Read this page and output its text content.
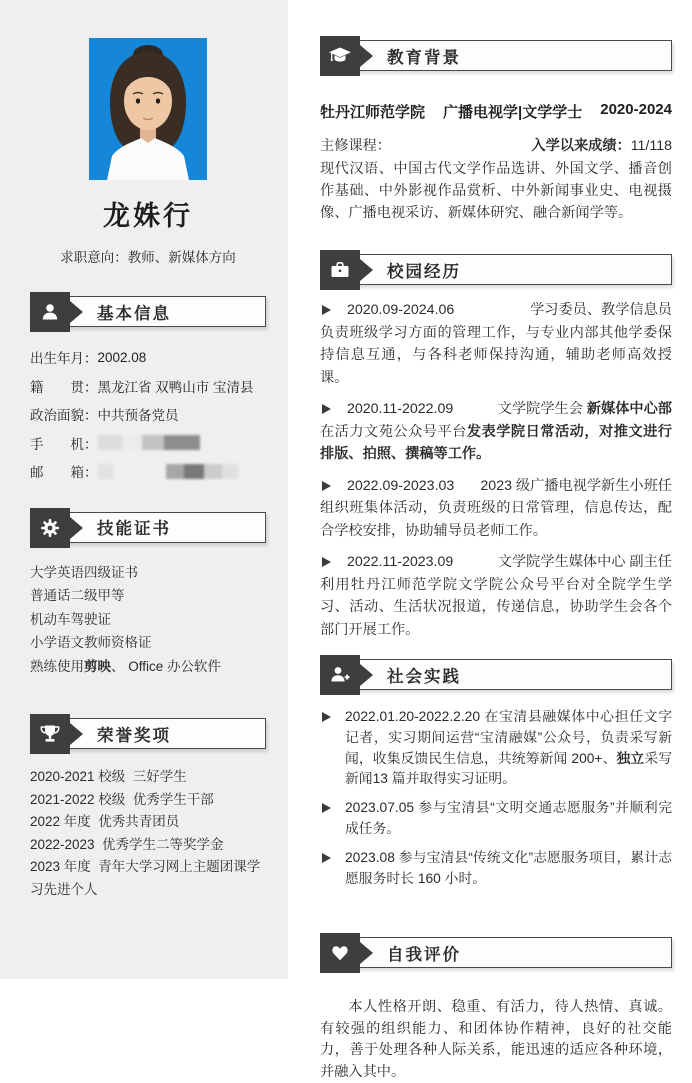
龙姝行
求职意向：教师、新媒体方向
基本信息
出生年月： 2002.08
籍　　贯： 黑龙江省 双鸭山市 宝清县
政治面貌： 中共预备党员
手　　机：
邮　　箱：
技能证书
大学英语四级证书
普通话二级甲等
机动车驾驶证
小学语文教师资格证
熟练使用剪映、 Office 办公软件
荣誉奖项
2020-2021 校级  三好学生
2021-2022 校级  优秀学生干部
2022 年度  优秀共青团员
2022-2023  优秀学生二等奖学金
2023 年度  青年大学习网上主题团课学习先进个人
教育背景
牡丹江师范学院 广播电视学|文学学士 2020-2024
主修课程：	入学以来成绩：11/118

现代汉语、中国古代文学作品选讲、外国文学、播音创作基础、中外影视作品赏析、中外新闻事业史、电视摄像、广播电视采访、新媒体研究、融合新闻学等。

校园经历
2020.09-2024.06	学习委员、教学信息员

负责班级学习方面的管理工作，与专业内部其他学委保持信息互通，与各科老师保持沟通，辅助老师高效授课。

2020.11-2022.09	文学院学生会 新媒体中心部

在活力文苑公众号平台发表学院日常活动，对推文进行排版、拍照、撰稿等工作。

2022.09-2023.03 2023 级广播电视学新生小班任

组织班集体活动，负责班级的日常管理，信息传达，配合学校安排，协助辅导员老师工作。

2022.11-2023.09	文学院学生媒体中心 副主任

利用牡丹江师范学院文学院公众号平台对全院学生学习、活动、生活状况报道，传递信息，协助学生会各个部门开展工作。

社会实践

2022.01.20-2022.2.20 在宝清县融媒体中心担任文字记者，实习期间运营“宝清融媒”公众号，负责采写新闻，收集反馈民生信息，共统筹新闻 200+、独立采写新闻13 篇并取得实习证明。

2023.07.05 参与宝清县“文明交通志愿服务”并顺利完成任务。

2023.08 参与宝清县“传统文化”志愿服务项目，累计志愿服务时长 160 小时。

自我评价

本人性格开朗、稳重、有活力，待人热情、真诚。有较强的组织能力、和团体协作精神，良好的社交能力，善于处理各种人际关系，能迅速的适应各种环境，并融入其中。
